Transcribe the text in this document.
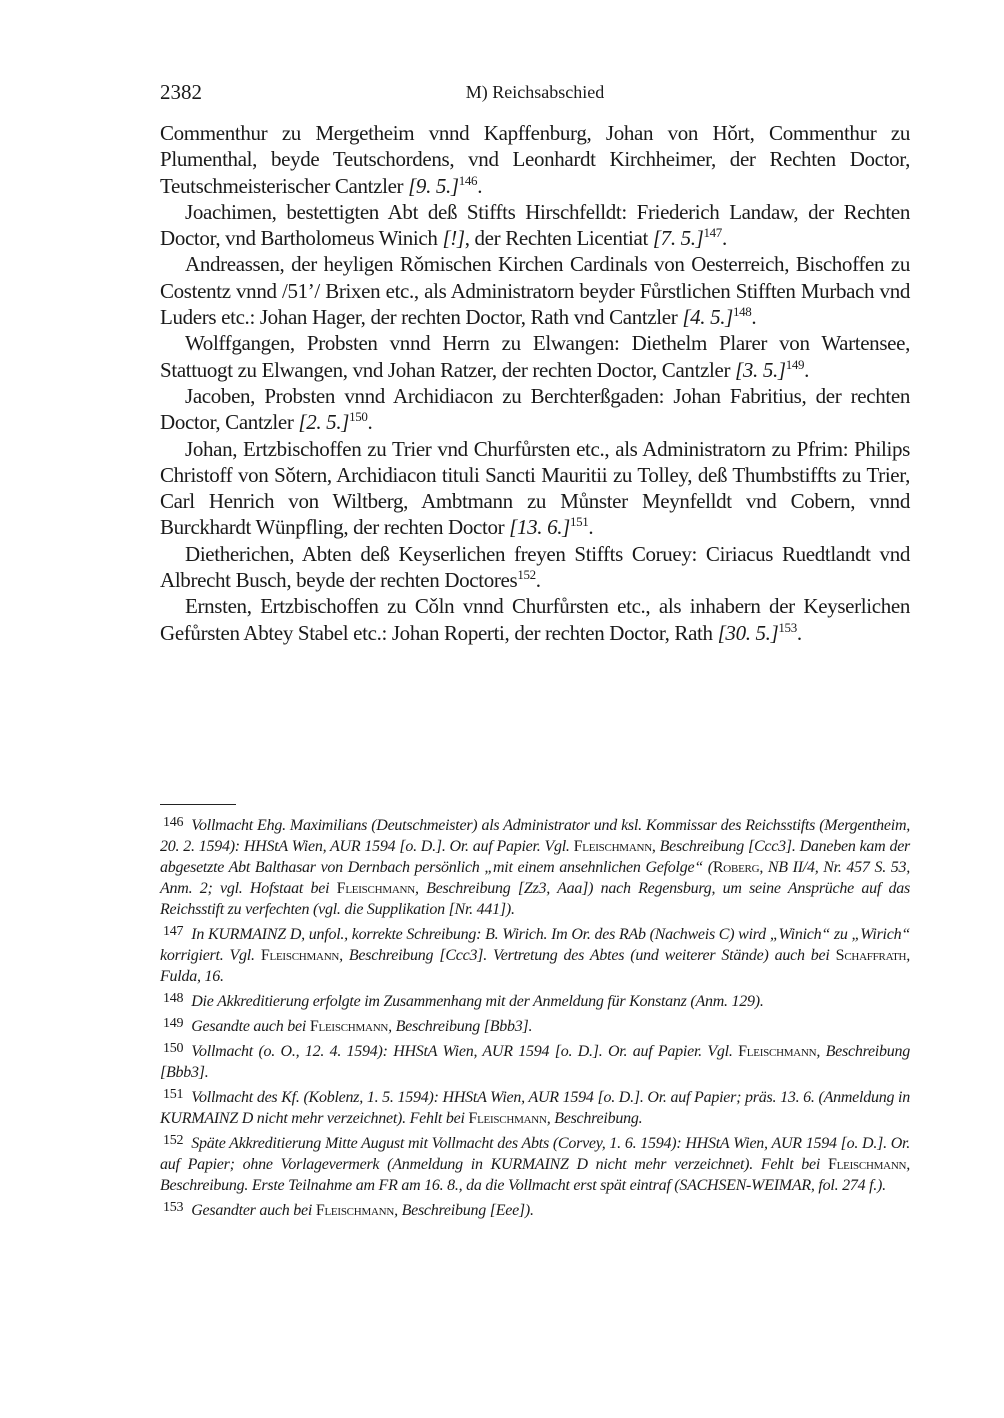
2382	M) Reichsabschied

Commenthur zu Mergetheim vnnd Kapffenburg, Johan von Hǒrt, Commenthur zu Plumenthal, beyde Teutschordens, vnd Leonhardt Kirchheimer, der Rechten Doctor, Teutschmeisterischer Cantzler [9. 5.]$^{146}$.

Joachimen, bestettigten Abt deß Stiffts Hirschfelldt: Friederich Landaw, der Rechten Doctor, vnd Bartholomeus Winich [!], der Rechten Licentiat [7. 5.]$^{147}$.

Andreassen, der heyligen Rǒmischen Kirchen Cardinals von Oesterreich, Bischoffen zu Costentz vnnd /51’/ Brixen etc., als Administratorn beyder Fůrstlichen Stifften Murbach vnd Luders etc.: Johan Hager, der rechten Doctor, Rath vnd Cantzler [4. 5.]$^{148}$.

Wolffgangen, Probsten vnnd Herrn zu Elwangen: Diethelm Plarer von Wartensee, Stattuogt zu Elwangen, vnd Johan Ratzer, der rechten Doctor, Cantzler [3. 5.]$^{149}$.

Jacoben, Probsten vnnd Archidiacon zu Berchterßgaden: Johan Fabritius, der rechten Doctor, Cantzler [2. 5.]$^{150}$.

Johan, Ertzbischoffen zu Trier vnd Churfůrsten etc., als Administratorn zu Pfrim: Philips Christoff von Sǒtern, Archidiacon tituli Sancti Mauritii zu Tolley, deß Thumbstiffts zu Trier, Carl Henrich von Wiltberg, Ambtmann zu Můnster Meynfelldt vnd Cobern, vnnd Burckhardt Wünpfling, der rechten Doctor [13. 6.]$^{151}$.

Dietherichen, Abten deß Keyserlichen freyen Stiffts Coruey: Ciriacus Ruedtlandt vnd Albrecht Busch, beyde der rechten Doctores$^{152}$.

Ernsten, Ertzbischoffen zu Cǒln vnnd Churfůrsten etc., als inhabern der Keyserlichen Gefůrsten Abtey Stabel etc.: Johan Roperti, der rechten Doctor, Rath [30. 5.]$^{153}$.

146 Vollmacht Ehg. Maximilians (Deutschmeister) als Administrator und ksl. Kommissar des Reichsstifts (Mergentheim, 20. 2. 1594): HHStA Wien, AUR 1594 [o. D.]. Or. auf Papier. Vgl. Fleischmann, Beschreibung [Ccc3]. Daneben kam der abgesetzte Abt Balthasar von Dernbach persönlich „mit einem ansehnlichen Gefolge“ (Roberg, NB II/4, Nr. 457 S. 53, Anm. 2; vgl. Hofstaat bei Fleischmann, Beschreibung [Zz3, Aaa]) nach Regensburg, um seine Ansprüche auf das Reichsstift zu verfechten (vgl. die Supplikation [Nr. 441]).

147 In KURMAINZ D, unfol., korrekte Schreibung: B. Wirich. Im Or. des RAb (Nachweis C) wird „Winich“ zu „Wirich“ korrigiert. Vgl. Fleischmann, Beschreibung [Ccc3]. Vertretung des Abtes (und weiterer Stände) auch bei Schaffrath, Fulda, 16.

148 Die Akkreditierung erfolgte im Zusammenhang mit der Anmeldung für Konstanz (Anm. 129).

149 Gesandte auch bei Fleischmann, Beschreibung [Bbb3].

150 Vollmacht (o. O., 12. 4. 1594): HHStA Wien, AUR 1594 [o. D.]. Or. auf Papier. Vgl. Fleischmann, Beschreibung [Bbb3].

151 Vollmacht des Kf. (Koblenz, 1. 5. 1594): HHStA Wien, AUR 1594 [o. D.]. Or. auf Papier; präs. 13. 6. (Anmeldung in KURMAINZ D nicht mehr verzeichnet). Fehlt bei Fleischmann, Beschreibung.

152 Späte Akkreditierung Mitte August mit Vollmacht des Abts (Corvey, 1. 6. 1594): HHStA Wien, AUR 1594 [o. D.]. Or. auf Papier; ohne Vorlagevermerk (Anmeldung in KURMAINZ D nicht mehr verzeichnet). Fehlt bei Fleischmann, Beschreibung. Erste Teilnahme am FR am 16. 8., da die Vollmacht erst spät eintraf (SACHSEN-WEIMAR, fol. 274 f.).

153 Gesandter auch bei Fleischmann, Beschreibung [Eee]).
